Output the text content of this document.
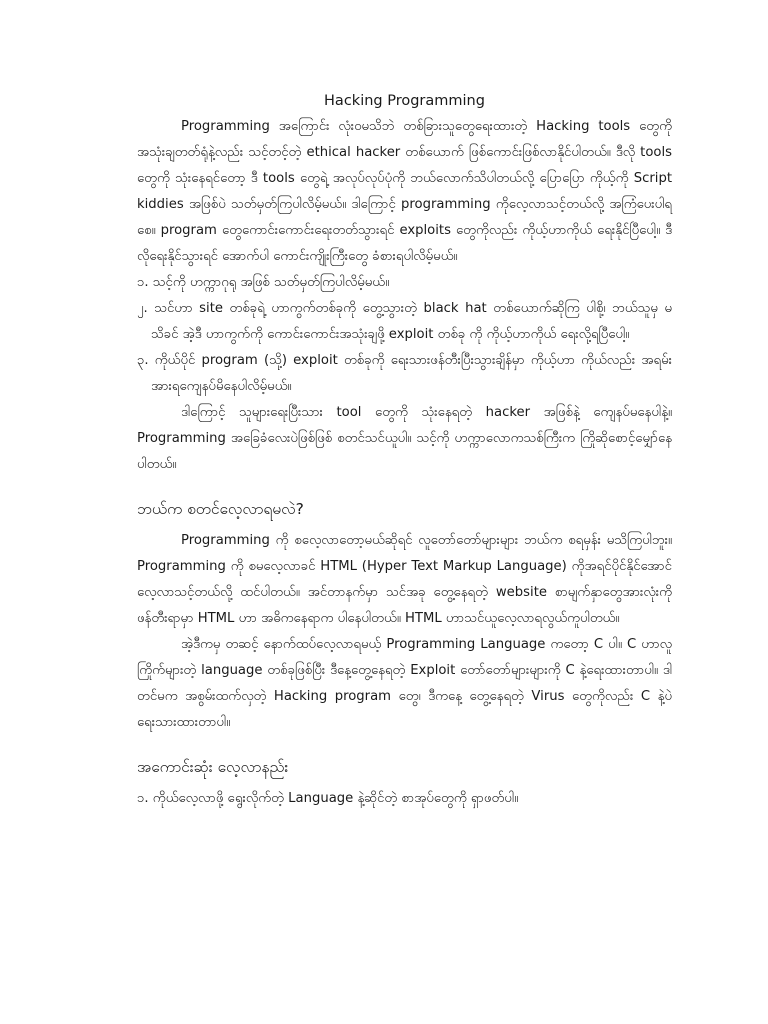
Hacking Programming

Programming အကြောင်း လုံးဝမသိဘဲ တစ်ခြားသူတွေရေးထားတဲ့ Hacking tools တွေကို အသုံးချတတ်ရုံနဲ့လည်း သင့်တင့်တဲ့ ethical hacker တစ်ယောက် ဖြစ်ကောင်းဖြစ်လာနိုင်ပါတယ်။ ဒီလို tools တွေကို သုံးနေရင်တော့ ဒီ tools တွေရဲ့ အလုပ်လုပ်ပုံကို ဘယ်လောက်သိပါတယ်လို့ ပြောပြော ကိုယ့်ကို Script kiddies အဖြစ်ပဲ သတ်မှတ်ကြပါလိမ့်မယ်။ ဒါကြောင့် programming ကိုလေ့လာသင့်တယ်လို့ အကြံပေးပါရစေ။ program တွေကောင်းကောင်းရေးတတ်သွားရင် exploits တွေကိုလည်း ကိုယ့်ဟာကိုယ် ရေးနိုင်ပြီပေါ့။ ဒီလိုရေးနိုင်သွားရင် အောက်ပါ ကောင်းကျိုးကြီးတွေ ခံစားရပါလိမ့်မယ်။

၁. သင့်ကို ဟက္ကာဂုရု အဖြစ် သတ်မှတ်ကြပါလိမ့်မယ်။

၂. သင်ဟာ site တစ်ခုရဲ့ ဟာကွက်တစ်ခုကို တွေ့သွားတဲ့ black hat တစ်ယောက်ဆိုကြ ပါစို့၊ ဘယ်သူမှ မသိခင် အဲ့ဒီ ဟာကွက်ကို ကောင်းကောင်းအသုံးချဖို့ exploit တစ်ခု ကို ကိုယ့်ဟာကိုယ် ရေးလို့ရပြီပေါ့။

၃. ကိုယ်ပိုင် program (သို့) exploit တစ်ခုကို ရေးသားဖန်တီးပြီးသွားချိန်မှာ ကိုယ့်ဟာ ကိုယ်လည်း အရမ်း အားရကျေနပ်မိနေပါလိမ့်မယ်။

ဒါကြောင့် သူများရေးပြီးသား tool တွေကို သုံးနေရတဲ့ hacker အဖြစ်နဲ့ ကျေနပ်မနေပါနဲ့။ Programming အခြေခံလေးပဲဖြစ်ဖြစ် စတင်သင်ယူပါ။ သင့်ကို ဟက္ကာလောကသစ်ကြီးက ကြိုဆိုစောင့်မျှော်နေပါတယ်။

ဘယ်က စတင်လေ့လာရမလဲ?

Programming ကို စလေ့လာတော့မယ်ဆိုရင် လူတော်တော်များများ ဘယ်က စရမှန်း မသိကြပါဘူး။ Programming ကို စမလေ့လာခင် HTML (Hyper Text Markup Language) ကိုအရင်ပိုင်နိုင်အောင် လေ့လာသင့်တယ်လို့ ထင်ပါတယ်။ အင်တာနက်မှာ သင်အခု တွေ့နေရတဲ့ website စာမျက်နှာတွေအားလုံးကို ဖန်တီးရာမှာ HTML ဟာ အဓိကနေရာက ပါနေပါတယ်။ HTML ဟာသင်ယူလေ့လာရလွယ်ကူပါတယ်။

အဲ့ဒီကမှ တဆင့် နောက်ထပ်လေ့လာရမယ့် Programming Language ကတော့ C ပါ။ C ဟာလူကြိုက်များတဲ့ language တစ်ခုဖြစ်ပြီး ဒီနေ့တွေ့နေရတဲ့ Exploit တော်တော်များများကို C နဲ့ရေးထားတာပါ။ ဒါတင်မက အစွမ်းထက်လှတဲ့ Hacking program တွေ၊ ဒီကနေ့ တွေ့နေရတဲ့ Virus တွေကိုလည်း C နဲ့ပဲ ရေးသားထားတာပါ။

အကောင်းဆုံး လေ့လာနည်း

၁. ကိုယ်လေ့လာဖို့ ရွေးလိုက်တဲ့ Language နဲ့ဆိုင်တဲ့ စာအုပ်တွေကို ရှာဖတ်ပါ။
